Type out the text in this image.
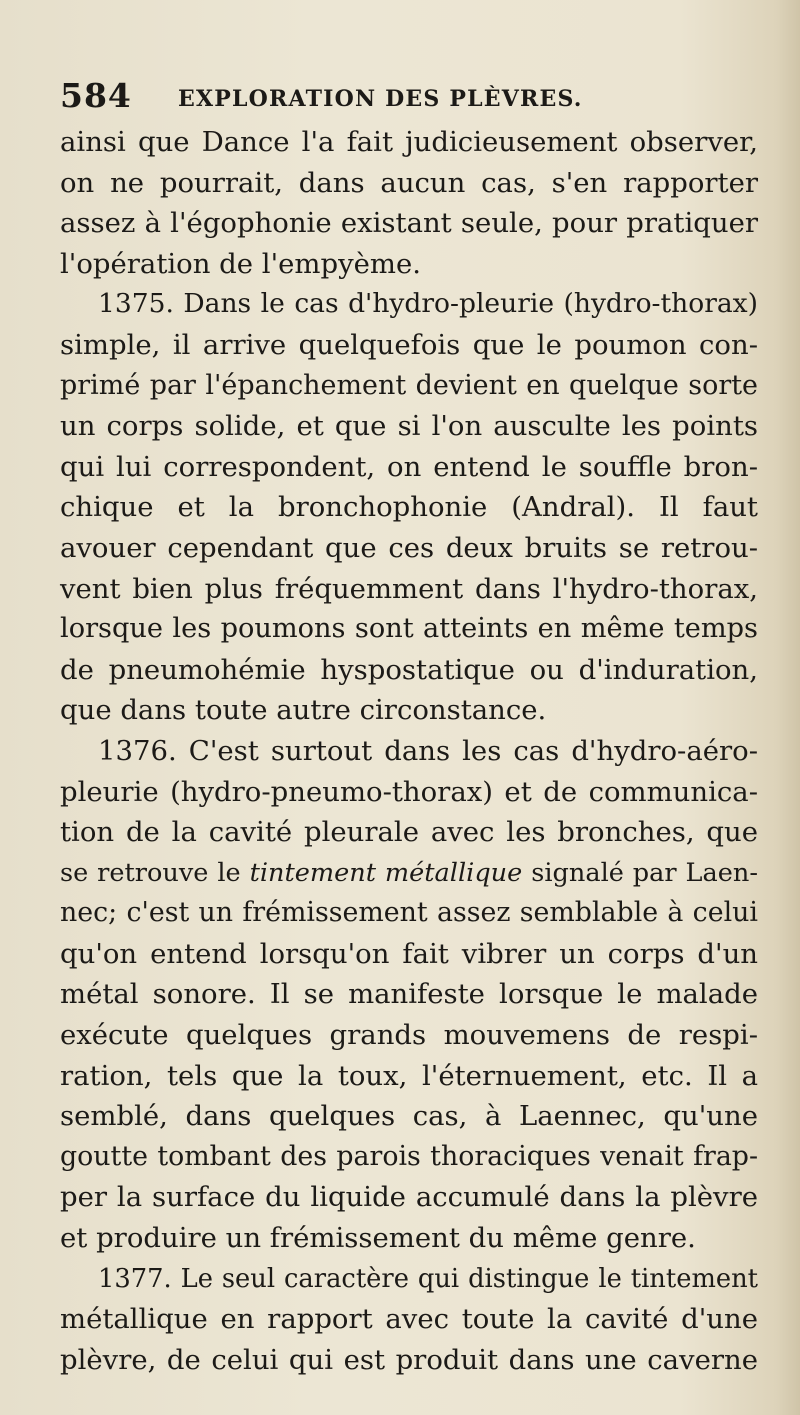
584 EXPLORATION DES PLÈVRES.

ainsi que Dance l'a fait judicieusement observer,
on ne pourrait, dans aucun cas, s'en rapporter
assez à l'égophonie existant seule, pour pratiquer
l'opération de l'empyème.

1375. Dans le cas d'hydro-pleurie (hydro-thorax)
simple, il arrive quelquefois que le poumon con-
primé par l'épanchement devient en quelque sorte
un corps solide, et que si l'on ausculte les points
qui lui correspondent, on entend le souffle bron-
chique et la bronchophonie (Andral). Il faut
avouer cependant que ces deux bruits se retrou-
vent bien plus fréquemment dans l'hydro-thorax,
lorsque les poumons sont atteints en même temps
de pneumohémie hyspostatique ou d'induration,
que dans toute autre circonstance.

1376. C'est surtout dans les cas d'hydro-aéro-
pleurie (hydro-pneumo-thorax) et de communica-
tion de la cavité pleurale avec les bronches, que
se retrouve le tintement métallique signalé par Laen-
nec; c'est un frémissement assez semblable à celui
qu'on entend lorsqu'on fait vibrer un corps d'un
métal sonore. Il se manifeste lorsque le malade
exécute quelques grands mouvemens de respi-
ration, tels que la toux, l'éternuement, etc. Il a
semblé, dans quelques cas, à Laennec, qu'une
goutte tombant des parois thoraciques venait frap-
per la surface du liquide accumulé dans la plèvre
et produire un frémissement du même genre.

1377. Le seul caractère qui distingue le tintement
métallique en rapport avec toute la cavité d'une
plèvre, de celui qui est produit dans une caverne
